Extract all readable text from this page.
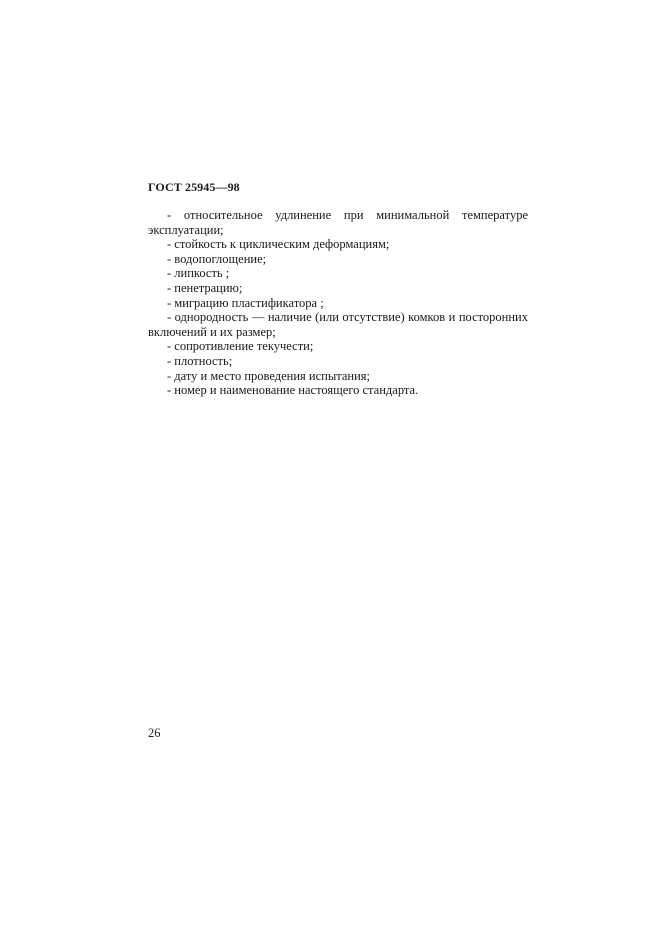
ГОСТ 25945—98

- относительное удлинение при минимальной температуре эксплуатации;

- стойкость к циклическим деформациям;

- водопоглощение;

- липкость ;

- пенетрацию;

- миграцию пластификатора ;

- однородность — наличие (или отсутствие) комков и посторонних включений и их размер;

- сопротивление текучести;

- плотность;

- дату и место проведения испытания;

- номер и наименование настоящего стандарта.

26
